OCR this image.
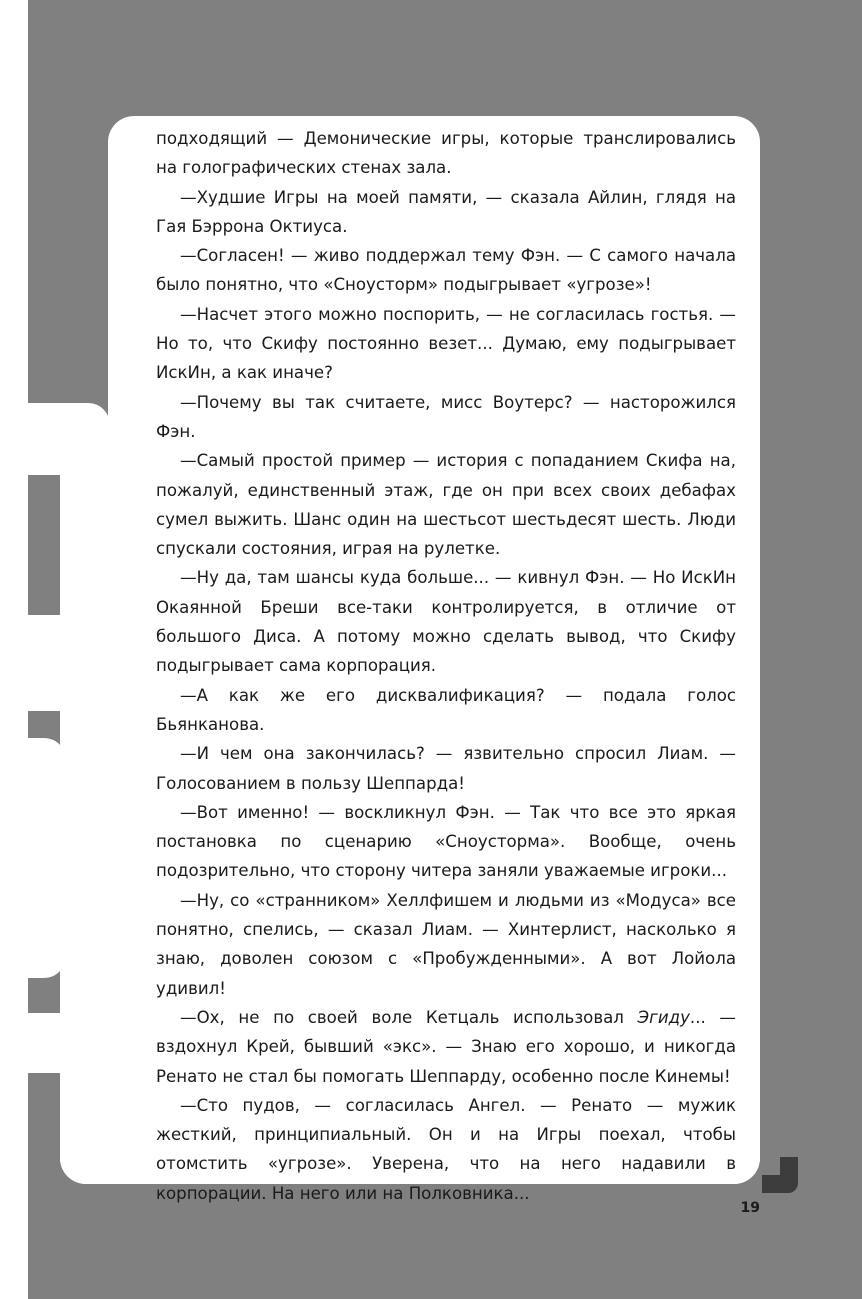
подходящий — Демонические игры, которые транслировались на голографических стенах зала.

—Худшие Игры на моей памяти, — сказала Айлин, глядя на Гая Бэррона Октиуса.

—Согласен! — живо поддержал тему Фэн. — С самого начала было понятно, что «Сноусторм» подыгрывает «угрозе»!

—Насчет этого можно поспорить, — не согласилась гостья. — Но то, что Скифу постоянно везет... Думаю, ему подыгрывает ИскИн, а как иначе?

—Почему вы так считаете, мисс Воутерс? — насторожился Фэн.

—Самый простой пример — история с попаданием Скифа на, пожалуй, единственный этаж, где он при всех своих дебафах сумел выжить. Шанс один на шестьсот шестьдесят шесть. Люди спускали состояния, играя на рулетке.

—Ну да, там шансы куда больше... — кивнул Фэн. — Но ИскИн Окаянной Бреши все-таки контролируется, в отличие от большого Диса. А потому можно сделать вывод, что Скифу подыгрывает сама корпорация.

—А как же его дисквалификация? — подала голос Бьянканова.

—И чем она закончилась? — язвительно спросил Лиам. — Голосованием в пользу Шеппарда!

—Вот именно! — воскликнул Фэн. — Так что все это яркая постановка по сценарию «Сноусторма». Вообще, очень подозрительно, что сторону читера заняли уважаемые игроки...

—Ну, со «странником» Хеллфишем и людьми из «Модуса» все понятно, спелись, — сказал Лиам. — Хинтерлист, насколько я знаю, доволен союзом с «Пробужденными». А вот Лойола удивил!

—Ох, не по своей воле Кетцаль использовал Эгиду... — вздохнул Крей, бывший «экс». — Знаю его хорошо, и никогда Ренато не стал бы помогать Шеппарду, особенно после Кинемы!

—Сто пудов, — согласилась Ангел. — Ренато — мужик жесткий, принципиальный. Он и на Игры поехал, чтобы отомстить «угрозе». Уверена, что на него надавили в корпорации. На него или на Полковника...

19
